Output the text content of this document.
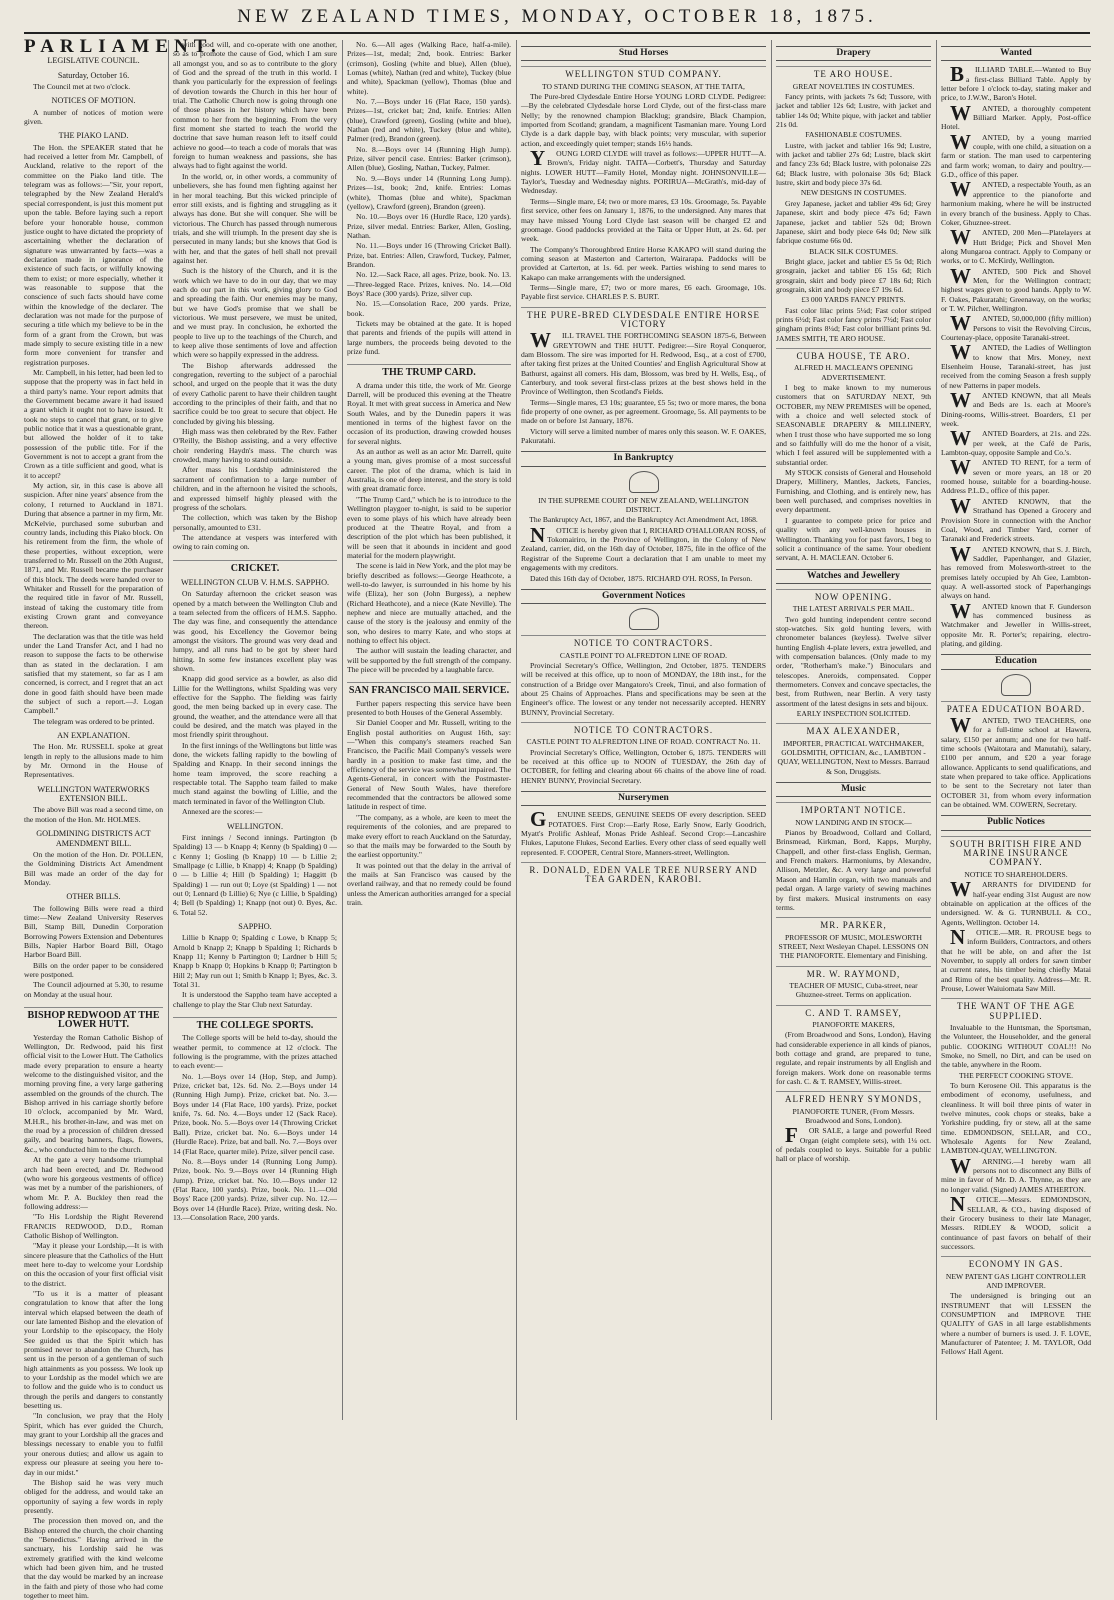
NEW ZEALAND TIMES, MONDAY, OCTOBER 18, 1875.
PARLIAMENT.
LEGISLATIVE COUNCIL.
Saturday, October 16.

The Council met at two o'clock.

NOTICES OF MOTION.

A number of notices of motion were given.

THE PIAKO LAND.

The Hon. the SPEAKER stated that he had received a letter from Mr. Campbell, of Auckland, relative to the report of the committee on the Piako land title. The telegram was as follows:—"Sir, your report, telegraphed by the New Zealand Herald's special correspondent, is just this moment put upon the table. Before laying such a report before your honorable house, common justice ought to have dictated the propriety of ascertaining whether the declaration of signature was unwarranted by facts—was a declaration made in ignorance of the existence of such facts, or wilfully knowing them to exist; or more especially, whether it was reasonable to suppose that the conscience of such facts should have come within the knowledge of the declarer. The declaration was not made for the purpose of securing a title which my believe to be in the form of a grant from the Crown, but was made simply to secure existing title in a new form more convenient for transfer and registration purposes.

Mr. Campbell, in his letter, had been led to suppose that the property was in fact held in a third party's name. Your report admits that the Government became aware it had issued a grant which it ought not to have issued. It took no steps to cancel that grant, or to give public notice that it was a questionable grant, but allowed the holder of it to take possession of the public title. For if the Government is not to accept a grant from the Crown as a title sufficient and good, what is it to accept?

My action, sir, in this case is above all suspicion. After nine years' absence from the colony, I returned to Auckland in 1871. During that absence a partner in my firm, Mr. McKelvie, purchased some suburban and country lands, including this Piako block. On his retirement from the firm, the whole of these properties, without exception, were transferred to Mr. Russell on the 20th August, 1871, and Mr. Russell became the purchaser of this block. The deeds were handed over to Whitaker and Russell for the preparation of the required title in favor of Mr. Russell, instead of taking the customary title from existing Crown grant and conveyance thereon.

The declaration was that the title was held under the Land Transfer Act, and I had no reason to suppose the facts to be otherwise than as stated in the declaration. I am satisfied that my statement, so far as I am concerned, is correct, and I regret that an act done in good faith should have been made the subject of such a report.—J. Logan Campbell."

The telegram was ordered to be printed.

AN EXPLANATION.

The Hon. Mr. RUSSELL spoke at great length in reply to the allusions made to him by Mr. Ormond in the House of Representatives.

WELLINGTON WATERWORKS EXTENSION BILL.

The above Bill was read a second time, on the motion of the Hon. Mr. HOLMES.

GOLDMINING DISTRICTS ACT AMENDMENT BILL.

On the motion of the Hon. Dr. POLLEN, the Goldmining Districts Act Amendment Bill was made an order of the day for Monday.

OTHER BILLS.

The following Bills were read a third time:—New Zealand University Reserves Bill, Stamp Bill, Dunedin Corporation Borrowing Powers Extension and Debentures Bills, Napier Harbor Board Bill, Otago Harbor Board Bill.

Bills on the order paper to be considered were postponed.

The Council adjourned at 5.30, to resume on Monday at the usual hour.

BISHOP REDWOOD AT THE LOWER HUTT.

Yesterday the Roman Catholic Bishop of Wellington, Dr. Redwood, paid his first official visit to the Lower Hutt. The Catholics made every preparation to ensure a hearty welcome to the distinguished visitor, and the morning proving fine, a very large gathering assembled on the grounds of the church. The Bishop arrived in his carriage shortly before 10 o'clock, accompanied by Mr. Ward, M.H.R., his brother-in-law, and was met on the road by a procession of children dressed gaily, and bearing banners, flags, flowers, &c., who conducted him to the church.

At the gate a very handsome triumphal arch had been erected, and Dr. Redwood (who wore his gorgeous vestments of office) was met by a number of the parishioners, of whom Mr. P. A. Buckley then read the following address:—

"To His Lordship the Right Reverend FRANCIS REDWOOD, D.D., Roman Catholic Bishop of Wellington.

"May it please your Lordship,—It is with sincere pleasure that the Catholics of the Hutt meet here to-day to welcome your Lordship on this the occasion of your first official visit to the district.

"To us it is a matter of pleasant congratulation to know that after the long interval which elapsed between the death of our late lamented Bishop and the elevation of your Lordship to the episcopacy, the Holy See guided us that the Spirit which has promised never to abandon the Church, has sent us in the person of a gentleman of such high attainments as you possess. We look up to your Lordship as the model which we are to follow and the guide who is to conduct us through the perils and dangers to constantly besetting us.

"In conclusion, we pray that the Holy Spirit, which has ever guided the Church, may grant to your Lordship all the graces and blessings necessary to enable you to fulfil your onerous duties; and allow us again to express our pleasure at seeing you here to-day in our midst."

The Bishop said he was very much obliged for the address, and would take an opportunity of saying a few words in reply presently.

The procession then moved on, and the Bishop entered the church, the choir chanting the "Benedictus." Having arrived in the sanctuary, his Lordship said he was extremely gratified with the kind welcome which had been given him, and he trusted that the day would be marked by an increase in the faith and piety of those who had come together to meet him.

with good will, and co-operate with one another, so as to promote the cause of God, which I am sure all amongst you, and so as to contribute to the glory of God and the spread of the truth in this world. I thank you particularly for the expression of feelings of devotion towards the Church in this her hour of trial. The Catholic Church now is going through one of those phases in her history which have been common to her from the beginning. From the very first moment she started to teach the world the doctrine that save human reason left to itself could achieve no good—to teach a code of morals that was foreign to human weakness and passions, she has always had to fight against the world.

In the world, or, in other words, a community of unbelievers, she has found men fighting against her in her moral teaching. But this wicked principle of error still exists, and is fighting and struggling as it always has done. But she will conquer. She will be victorious. The Church has passed through numerous trials, and she will triumph. In the present day she is persecuted in many lands; but she knows that God is with her, and that the gates of hell shall not prevail against her.

Such is the history of the Church, and it is the work which we have to do in our day, that we may each do our part in this work, giving glory to God and spreading the faith. Our enemies may be many, but we have God's promise that we shall be victorious. We must persevere, we must be united, and we must pray. In conclusion, he exhorted the people to live up to the teachings of the Church, and to keep alive those sentiments of love and affection which were so happily expressed in the address.

The Bishop afterwards addressed the congregation, reverting to the subject of a parochial school, and urged on the people that it was the duty of every Catholic parent to have their children taught according to the principles of their faith, and that no sacrifice could be too great to secure that object. He concluded by giving his blessing.

High mass was then celebrated by the Rev. Father O'Reilly, the Bishop assisting, and a very effective choir rendering Haydn's mass. The church was crowded, many having to stand outside.

After mass his Lordship administered the sacrament of confirmation to a large number of children, and in the afternoon he visited the schools, and expressed himself highly pleased with the progress of the scholars.

The collection, which was taken by the Bishop personally, amounted to £31.

The attendance at vespers was interfered with owing to rain coming on.

CRICKET.
WELLINGTON CLUB V. H.M.S. SAPPHO.

On Saturday afternoon the cricket season was opened by a match between the Wellington Club and a team selected from the officers of H.M.S. Sappho. The day was fine, and consequently the attendance was good, his Excellency the Governor being amongst the visitors. The ground was very dead and lumpy, and all runs had to be got by sheer hard hitting. In some few instances excellent play was shown.

Knapp did good service as a bowler, as also did Lillie for the Wellingtons, whilst Spalding was very effective for the Sappho. The fielding was fairly good, the men being backed up in every case. The ground, the weather, and the attendance were all that could be desired, and the match was played in the most friendly spirit throughout.

In the first innings of the Wellingtons but little was done, the wickets falling rapidly to the bowling of Spalding and Knapp. In their second innings the home team improved, the score reaching a respectable total. The Sappho team failed to make much stand against the bowling of Lillie, and the match terminated in favor of the Wellington Club.

Annexed are the scores:—

WELLINGTON.

First innings / Second innings. Partington (b Spalding) 13 — b Knapp 4; Kenny (b Spalding) 0 — c Kenny 1; Gosling (b Knapp) 10 — b Lillie 2; Smallpage (c Lillie, b Knapp) 4; Knapp (b Spalding) 0 — b Lillie 4; Hill (b Spalding) 1; Haggitt (b Spalding) 1 — run out 0; Loye (st Spalding) 1 — not out 0; Lennard (b Lillie) 6; Nye (c Lillie, b Spalding) 4; Bell (b Spalding) 1; Knapp (not out) 0. Byes, &c. 6. Total 52.

SAPPHO.

Lillie b Knapp 0; Spalding c Lowe, b Knapp 5; Arnold b Knapp 2; Knapp b Spalding 1; Richards b Knapp 11; Kenny b Partington 0; Lardner b Hill 5; Knapp b Knapp 0; Hopkins b Knapp 0; Partington b Hill 2; May run out 1; Smith b Knapp 1; Byes, &c. 3. Total 31.

It is understood the Sappho team have accepted a challenge to play the Star Club next Saturday.

THE COLLEGE SPORTS.

The College sports will be held to-day, should the weather permit, to commence at 12 o'clock. The following is the programme, with the prizes attached to each event:—

No. 1.—Boys over 14 (Hop, Step, and Jump). Prize, cricket bat, 12s. 6d. No. 2.—Boys under 14 (Running High Jump). Prize, cricket bat. No. 3.—Boys under 14 (Flat Race, 100 yards). Prize, pocket knife, 7s. 6d. No. 4.—Boys under 12 (Sack Race). Prize, book. No. 5.—Boys over 14 (Throwing Cricket Ball). Prize, cricket bat. No. 6.—Boys under 14 (Hurdle Race). Prize, bat and ball. No. 7.—Boys over 14 (Flat Race, quarter mile). Prize, silver pencil case.

No. 8.—Boys under 14 (Running Long Jump). Prize, book. No. 9.—Boys over 14 (Running High Jump). Prize, cricket bat. No. 10.—Boys under 12 (Flat Race, 100 yards). Prize, book. No. 11.—Old Boys' Race (200 yards). Prize, silver cup. No. 12.—Boys over 14 (Hurdle Race). Prize, writing desk. No. 13.—Consolation Race, 200 yards.

No. 6.—All ages (Walking Race, half-a-mile). Prizes—1st, medal; 2nd, book. Entries: Barker (crimson), Gosling (white and blue), Allen (blue), Lomas (white), Nathan (red and white), Tuckey (blue and white), Spackman (yellow), Thomas (blue and white).

No. 7.—Boys under 16 (Flat Race, 150 yards). Prizes—1st, cricket bat; 2nd, knife. Entries: Allen (blue), Crawford (green), Gosling (white and blue), Nathan (red and white), Tuckey (blue and white), Palmer (red), Brandon (green).

No. 8.—Boys over 14 (Running High Jump). Prize, silver pencil case. Entries: Barker (crimson), Allen (blue), Gosling, Nathan, Tuckey, Palmer.

No. 9.—Boys under 14 (Running Long Jump). Prizes—1st, book; 2nd, knife. Entries: Lomas (white), Thomas (blue and white), Spackman (yellow), Crawford (green), Brandon (green).

No. 10.—Boys over 16 (Hurdle Race, 120 yards). Prize, silver medal. Entries: Barker, Allen, Gosling, Nathan.

No. 11.—Boys under 16 (Throwing Cricket Ball). Prize, bat. Entries: Allen, Crawford, Tuckey, Palmer, Brandon.

No. 12.—Sack Race, all ages. Prize, book. No. 13.—Three-legged Race. Prizes, knives. No. 14.—Old Boys' Race (300 yards). Prize, silver cup.

No. 15.—Consolation Race, 200 yards. Prize, book.

Tickets may be obtained at the gate. It is hoped that parents and friends of the pupils will attend in large numbers, the proceeds being devoted to the prize fund.

THE TRUMP CARD.

A drama under this title, the work of Mr. George Darrell, will be produced this evening at the Theatre Royal. It met with great success in America and New South Wales, and by the Dunedin papers it was mentioned in terms of the highest favor on the occasion of its production, drawing crowded houses for several nights.

As an author as well as an actor Mr. Darrell, quite a young man, gives promise of a most successful career. The plot of the drama, which is laid in Australia, is one of deep interest, and the story is told with great dramatic force.

"The Trump Card," which he is to introduce to the Wellington playgoer to-night, is said to be superior even to some plays of his which have already been produced at the Theatre Royal, and from a description of the plot which has been published, it will be seen that it abounds in incident and good material for the modern playwright.

The scene is laid in New York, and the plot may be briefly described as follows:—George Heathcote, a well-to-do lawyer, is surrounded in his home by his wife (Eliza), her son (John Burgess), a nephew (Richard Heathcote), and a niece (Kate Neville). The nephew and niece are mutually attached, and the cause of the story is the jealousy and enmity of the son, who desires to marry Kate, and who stops at nothing to effect his object.

The author will sustain the leading character, and will be supported by the full strength of the company. The piece will be preceded by a laughable farce.

SAN FRANCISCO MAIL SERVICE.

Further papers respecting this service have been presented to both Houses of the General Assembly.

Sir Daniel Cooper and Mr. Russell, writing to the English postal authorities on August 16th, say:—"When this company's steamers reached San Francisco, the Pacific Mail Company's vessels were hardly in a position to make fast time, and the efficiency of the service was somewhat impaired. The Agents-General, in concert with the Postmaster-General of New South Wales, have therefore recommended that the contractors be allowed some latitude in respect of time.

"The company, as a whole, are keen to meet the requirements of the colonies, and are prepared to make every effort to reach Auckland on the Saturday, so that the mails may be forwarded to the South by the earliest opportunity."

It was pointed out that the delay in the arrival of the mails at San Francisco was caused by the overland railway, and that no remedy could be found unless the American authorities arranged for a special train.

Stud Horses
WELLINGTON STUD COMPANY.

TO STAND DURING THE COMING SEASON, AT THE TAITA,

The Pure-bred Clydesdale Entire Horse YOUNG LORD CLYDE. Pedigree:—By the celebrated Clydesdale horse Lord Clyde, out of the first-class mare Nelly; by the renowned champion Blacklug; grandsire, Black Champion, imported from Scotland; grandam, a magnificent Tasmanian mare. Young Lord Clyde is a dark dapple bay, with black points; very muscular, with superior action, and exceedingly quiet temper; stands 16½ hands.

YOUNG LORD CLYDE will travel as follows:—UPPER HUTT—A. Brown's, Friday night. TAITA—Corbett's, Thursday and Saturday nights. LOWER HUTT—Family Hotel, Monday night. JOHNSONVILLE—Taylor's, Tuesday and Wednesday nights. PORIRUA—McGrath's, mid-day of Wednesday.

Terms—Single mare, £4; two or more mares, £3 10s. Groomage, 5s. Payable first service, other fees on January 1, 1876, to the undersigned. Any mares that may have missed Young Lord Clyde last season will be charged £2 and groomage. Good paddocks provided at the Taita or Upper Hutt, at 2s. 6d. per week.

The Company's Thoroughbred Entire Horse KAKAPO will stand during the coming season at Masterton and Carterton, Wairarapa. Paddocks will be provided at Carterton, at 1s. 6d. per week. Parties wishing to send mares to Kakapo can make arrangements with the undersigned.

Terms—Single mare, £7; two or more mares, £6 each. Groomage, 10s. Payable first service. CHARLES P. S. BURT.

THE PURE-BRED CLYDESDALE ENTIRE HORSE VICTORY

WILL TRAVEL THE FORTHCOMING SEASON 1875-6, Between GREYTOWN and THE HUTT. Pedigree:—Sire Royal Conqueror, dam Blossom. The sire was imported for H. Redwood, Esq., at a cost of £700, after taking first prizes at the United Counties' and English Agricultural Show at Bathurst, against all comers. His dam, Blossom, was bred by H. Wells, Esq., of Canterbury, and took several first-class prizes at the best shows held in the Province of Wellington, then Scotland's Fields.

Terms—Single mares, £3 10s; guarantee, £5 5s; two or more mares, the bona fide property of one owner, as per agreement. Groomage, 5s. All payments to be made on or before 1st January, 1876.

Victory will serve a limited number of mares only this season. W. F. OAKES, Pakuratahi.

In Bankruptcy

IN THE SUPREME COURT OF NEW ZEALAND, WELLINGTON DISTRICT.

The Bankruptcy Act, 1867, and the Bankruptcy Act Amendment Act, 1868.

NOTICE is hereby given that I, RICHARD O'HALLORAN ROSS, of Tokomairiro, in the Province of Wellington, in the Colony of New Zealand, carrier, did, on the 16th day of October, 1875, file in the office of the Registrar of the Supreme Court a declaration that I am unable to meet my engagements with my creditors.

Dated this 16th day of October, 1875. RICHARD O'H. ROSS, In Person.

Government Notices
NOTICE TO CONTRACTORS.

CASTLE POINT TO ALFREDTON LINE OF ROAD.

Provincial Secretary's Office, Wellington, 2nd October, 1875. TENDERS will be received at this office, up to noon of MONDAY, the 18th inst., for the construction of a Bridge over Mangatoro's Creek, Tinui, and also formation of about 25 Chains of Approaches. Plans and specifications may be seen at the Engineer's office. The lowest or any tender not necessarily accepted. HENRY BUNNY, Provincial Secretary.

NOTICE TO CONTRACTORS.

CASTLE POINT TO ALFREDTON LINE OF ROAD. CONTRACT No. 11.

Provincial Secretary's Office, Wellington, October 6, 1875. TENDERS will be received at this office up to NOON of TUESDAY, the 26th day of OCTOBER, for felling and clearing about 66 chains of the above line of road. HENRY BUNNY, Provincial Secretary.

Nurserymen

GENUINE SEEDS, GENUINE SEEDS OF every description. SEED POTATOES. First Crop:—Early Rose, Early Snow, Early Goodrich, Myatt's Prolific Ashleaf, Monas Pride Ashleaf. Second Crop:—Lancashire Flukes, Laputone Flukes, Second Earlies. Every other class of seed equally well represented. F. COOPER, Central Store, Manners-street, Wellington.

R. DONALD, EDEN VALE TREE NURSERY AND TEA GARDEN, KAROBI.
Drapery
TE ARO HOUSE.

GREAT NOVELTIES IN COSTUMES.

Fancy prints, with jackets 7s 6d; Tussore, with jacket and tablier 12s 6d; Lustre, with jacket and tablier 14s 0d; White pique, with jacket and tablier 21s 0d.

FASHIONABLE COSTUMES.

Lustre, with jacket and tablier 16s 9d; Lustre, with jacket and tablier 27s 6d; Lustre, black skirt and fancy 23s 6d; Black lustre, with polonaise 22s 6d; Black lustre, with polonaise 30s 6d; Black lustre, skirt and body piece 37s 6d.

NEW DESIGNS IN COSTUMES.

Grey Japanese, jacket and tablier 49s 6d; Grey Japanese, skirt and body piece 47s 6d; Fawn Japanese, jacket and tablier 52s 0d; Brown Japanese, skirt and body piece 64s 0d; New silk fabrique costume 66s 0d.

BLACK SILK COSTUMES.

Bright glace, jacket and tablier £5 5s 0d; Rich grosgrain, jacket and tablier £6 15s 6d; Rich grosgrain, skirt and body piece £7 18s 6d; Rich grosgrain, skirt and body piece £7 19s 6d.

£3 000 YARDS FANCY PRINTS.

Fast color lilac prints 5¼d; Fast color striped prints 6½d; Fast color fancy prints 7½d; Fast color gingham prints 8¼d; Fast color brilliant prints 9d. JAMES SMITH, TE ARO HOUSE.

CUBA HOUSE, TE ARO.

ALFRED H. MACLEAN'S OPENING ADVERTISEMENT.

I beg to make known to my numerous customers that on SATURDAY NEXT, 9th OCTOBER, my NEW PREMISES will be opened, with a choice and well selected stock of SEASONABLE DRAPERY & MILLINERY, when I trust those who have supported me so long and so faithfully will do me the honor of a visit, which I feel assured will be supplemented with a substantial order.

My STOCK consists of General and Household Drapery, Millinery, Mantles, Jackets, Fancies, Furnishing, and Clothing, and is entirely new, has been well purchased, and comprises novelties in every department.

I guarantee to compete price for price and quality with any well-known houses in Wellington. Thanking you for past favors, I beg to solicit a continuance of the same. Your obedient servant, A. H. MACLEAN. October 6.

Watches and Jewellery
NOW OPENING.

THE LATEST ARRIVALS PER MAIL.

Two gold hunting independent centre second stop-watches. Six gold hunting levers, with chronometer balances (keyless). Twelve silver hunting English 4-plate levers, extra jewelled, and with compensation balances. (Only made to my order, "Rotherham's make.") Binoculars and telescopes. Aneroids, compensated. Copper thermometers. Convex and concave spectacles, the best, from Ruthwen, near Berlin. A very tasty assortment of the latest designs in sets and bijoux.

EARLY INSPECTION SOLICITED.

MAX ALEXANDER,

IMPORTER, PRACTICAL WATCHMAKER, GOLDSMITH, OPTICIAN, &c., LAMBTON - QUAY, WELLINGTON, Next to Messrs. Barraud & Son, Druggists.

Music
IMPORTANT NOTICE.

NOW LANDING AND IN STOCK—

Pianos by Broadwood, Collard and Collard, Brinsmead, Kirkman, Bord, Kapps, Murphy, Chappell, and other first-class English, German, and French makers. Harmoniums, by Alexandre, Allison, Metzler, &c. A very large and powerful Mason and Hamlin organ, with two manuals and pedal organ. A large variety of sewing machines by first makers. Musical instruments on easy terms.

MR. PARKER,

PROFESSOR OF MUSIC, MOLESWORTH STREET, Next Wesleyan Chapel. LESSONS ON THE PIANOFORTE. Elementary and Finishing.

MR. W. RAYMOND,

TEACHER OF MUSIC, Cuba-street, near Ghuznee-street. Terms on application.

C. AND T. RAMSEY,

PIANOFORTE MAKERS,

(From Broadwood and Sons, London), Having had considerable experience in all kinds of pianos, both cottage and grand, are prepared to tune, regulate, and repair instruments by all English and foreign makers. Work done on reasonable terms for cash. C. & T. RAMSEY, Willis-street.

ALFRED HENRY SYMONDS,

PIANOFORTE TUNER, (From Messrs. Broadwood and Sons, London).

FOR SALE, a large and powerful Reed Organ (eight complete sets), with 1¼ oct. of pedals coupled to keys. Suitable for a public hall or place of worship.

Wanted

BILLIARD TABLE.—Wanted to Buy a first-class Billiard Table. Apply by letter before 1 o'clock to-day, stating maker and price, to J.W.W., Baron's Hotel.

WANTED, a thoroughly competent Billiard Marker. Apply, Post-office Hotel.

WANTED, by a young married couple, with one child, a situation on a farm or station. The man used to carpentering and farm work; woman, to dairy and poultry.—G.D., office of this paper.

WANTED, a respectable Youth, as an apprentice to the pianoforte and harmonium making, where he will be instructed in every branch of the business. Apply to Chas. Coker, Ghuznee-street.

WANTED, 200 Men—Platelayers at Hutt Bridge; Pick and Shovel Men along Mungaroa contract. Apply to Company or works, or to C. McKirdy, Wellington.

WANTED, 500 Pick and Shovel Men, for the Wellington contract; highest wages given to good hands. Apply to W. F. Oakes, Pakuratahi; Greenaway, on the works; or T. W. Pilcher, Wellington.

WANTED, 50,000,000 (fifty million) Persons to visit the Revolving Circus, Courtenay-place, opposite Taranaki-street.

WANTED, the Ladies of Wellington to know that Mrs. Money, next Elsenheim House, Taranaki-street, has just received from the coming Season a fresh supply of new Patterns in paper models.

WANTED KNOWN, that all Meals and Beds are 1s. each at Moore's Dining-rooms, Willis-street. Boarders, £1 per week.

WANTED Boarders, at 21s. and 22s. per week, at the Café de Paris, Lambton-quay, opposite Sample and Co.'s.

WANTED TO RENT, for a term of seven or more years, an 18 or 20 roomed house, suitable for a boarding-house. Address P.L.D., office of this paper.

WANTED KNOWN, that the Strathand has Opened a Grocery and Provision Store in connection with the Anchor Coal, Wood, and Timber Yard, corner of Taranaki and Frederick streets.

WANTED KNOWN, that S. J. Birch, Saddler, Papenhanger, and Glazier, has removed from Molesworth-street to the premises lately occupied by Ah Gee, Lambton-quay. A well-assorted stock of Paperhangings always on hand.

WANTED known that F. Gunderson has commenced business as Watchmaker and Jeweller in Willis-street, opposite Mr. R. Porter's; repairing, electro-plating, and gilding.

Education
PATEA EDUCATION BOARD.

WANTED, TWO TEACHERS, one for a full-time school at Hawera, salary, £150 per annum; and one for two half-time schools (Waitotara and Manutahi), salary, £100 per annum, and £20 a year forage allowance. Applicants to send qualifications, and state when prepared to take office. Applications to be sent to the Secretary not later than OCTOBER 31, from whom every information can be obtained. WM. COWERN, Secretary.

Public Notices
SOUTH BRITISH FIRE AND MARINE INSURANCE COMPANY.

NOTICE TO SHAREHOLDERS.

WARRANTS for DIVIDEND for half-year ending 31st August are now obtainable on application at the offices of the undersigned. W. & G. TURNBULL & CO., Agents, Wellington. October 14.

NOTICE.—MR. R. PROUSE begs to inform Builders, Contractors, and others that he will be able, on and after the 1st November, to supply all orders for sawn timber at current rates, his timber being chiefly Matai and Rimu of the best quality. Address—Mr. R. Prouse, Lower Waiuiomata Saw Mill.

THE WANT OF THE AGE SUPPLIED.

Invaluable to the Huntsman, the Sportsman, the Volunteer, the Householder, and the general public. COOKING WITHOUT COAL!!! No Smoke, no Smell, no Dirt, and can be used on the table, anywhere in the Room.

THE PERFECT COOKING STOVE.

To burn Kerosene Oil. This apparatus is the embodiment of economy, usefulness, and cleanliness. It will boil three pints of water in twelve minutes, cook chops or steaks, bake a Yorkshire pudding, fry or stew, all at the same time. EDMONDSON, SELLAR, and CO., Wholesale Agents for New Zealand, LAMBTON-QUAY, WELLINGTON.

WARNING.—I hereby warn all persons not to disconnect any Bills of mine in favor of Mr. D. A. Thynne, as they are no longer valid. (Signed) JAMES ATHERTON.

NOTICE.—Messrs. EDMONDSON, SELLAR, & CO., having disposed of their Grocery business to their late Manager, Messrs. RIDLEY & WOOD, solicit a continuance of past favors on behalf of their successors.

ECONOMY IN GAS.

NEW PATENT GAS LIGHT CONTROLLER AND IMPROVER.

The undersigned is bringing out an INSTRUMENT that will LESSEN the CONSUMPTION and IMPROVE THE QUALITY of GAS in all large establishments where a number of burners is used. J. F. LOVE, Manufacturer of Patentee; J. M. TAYLOR, Odd Fellows' Hall Agent.
